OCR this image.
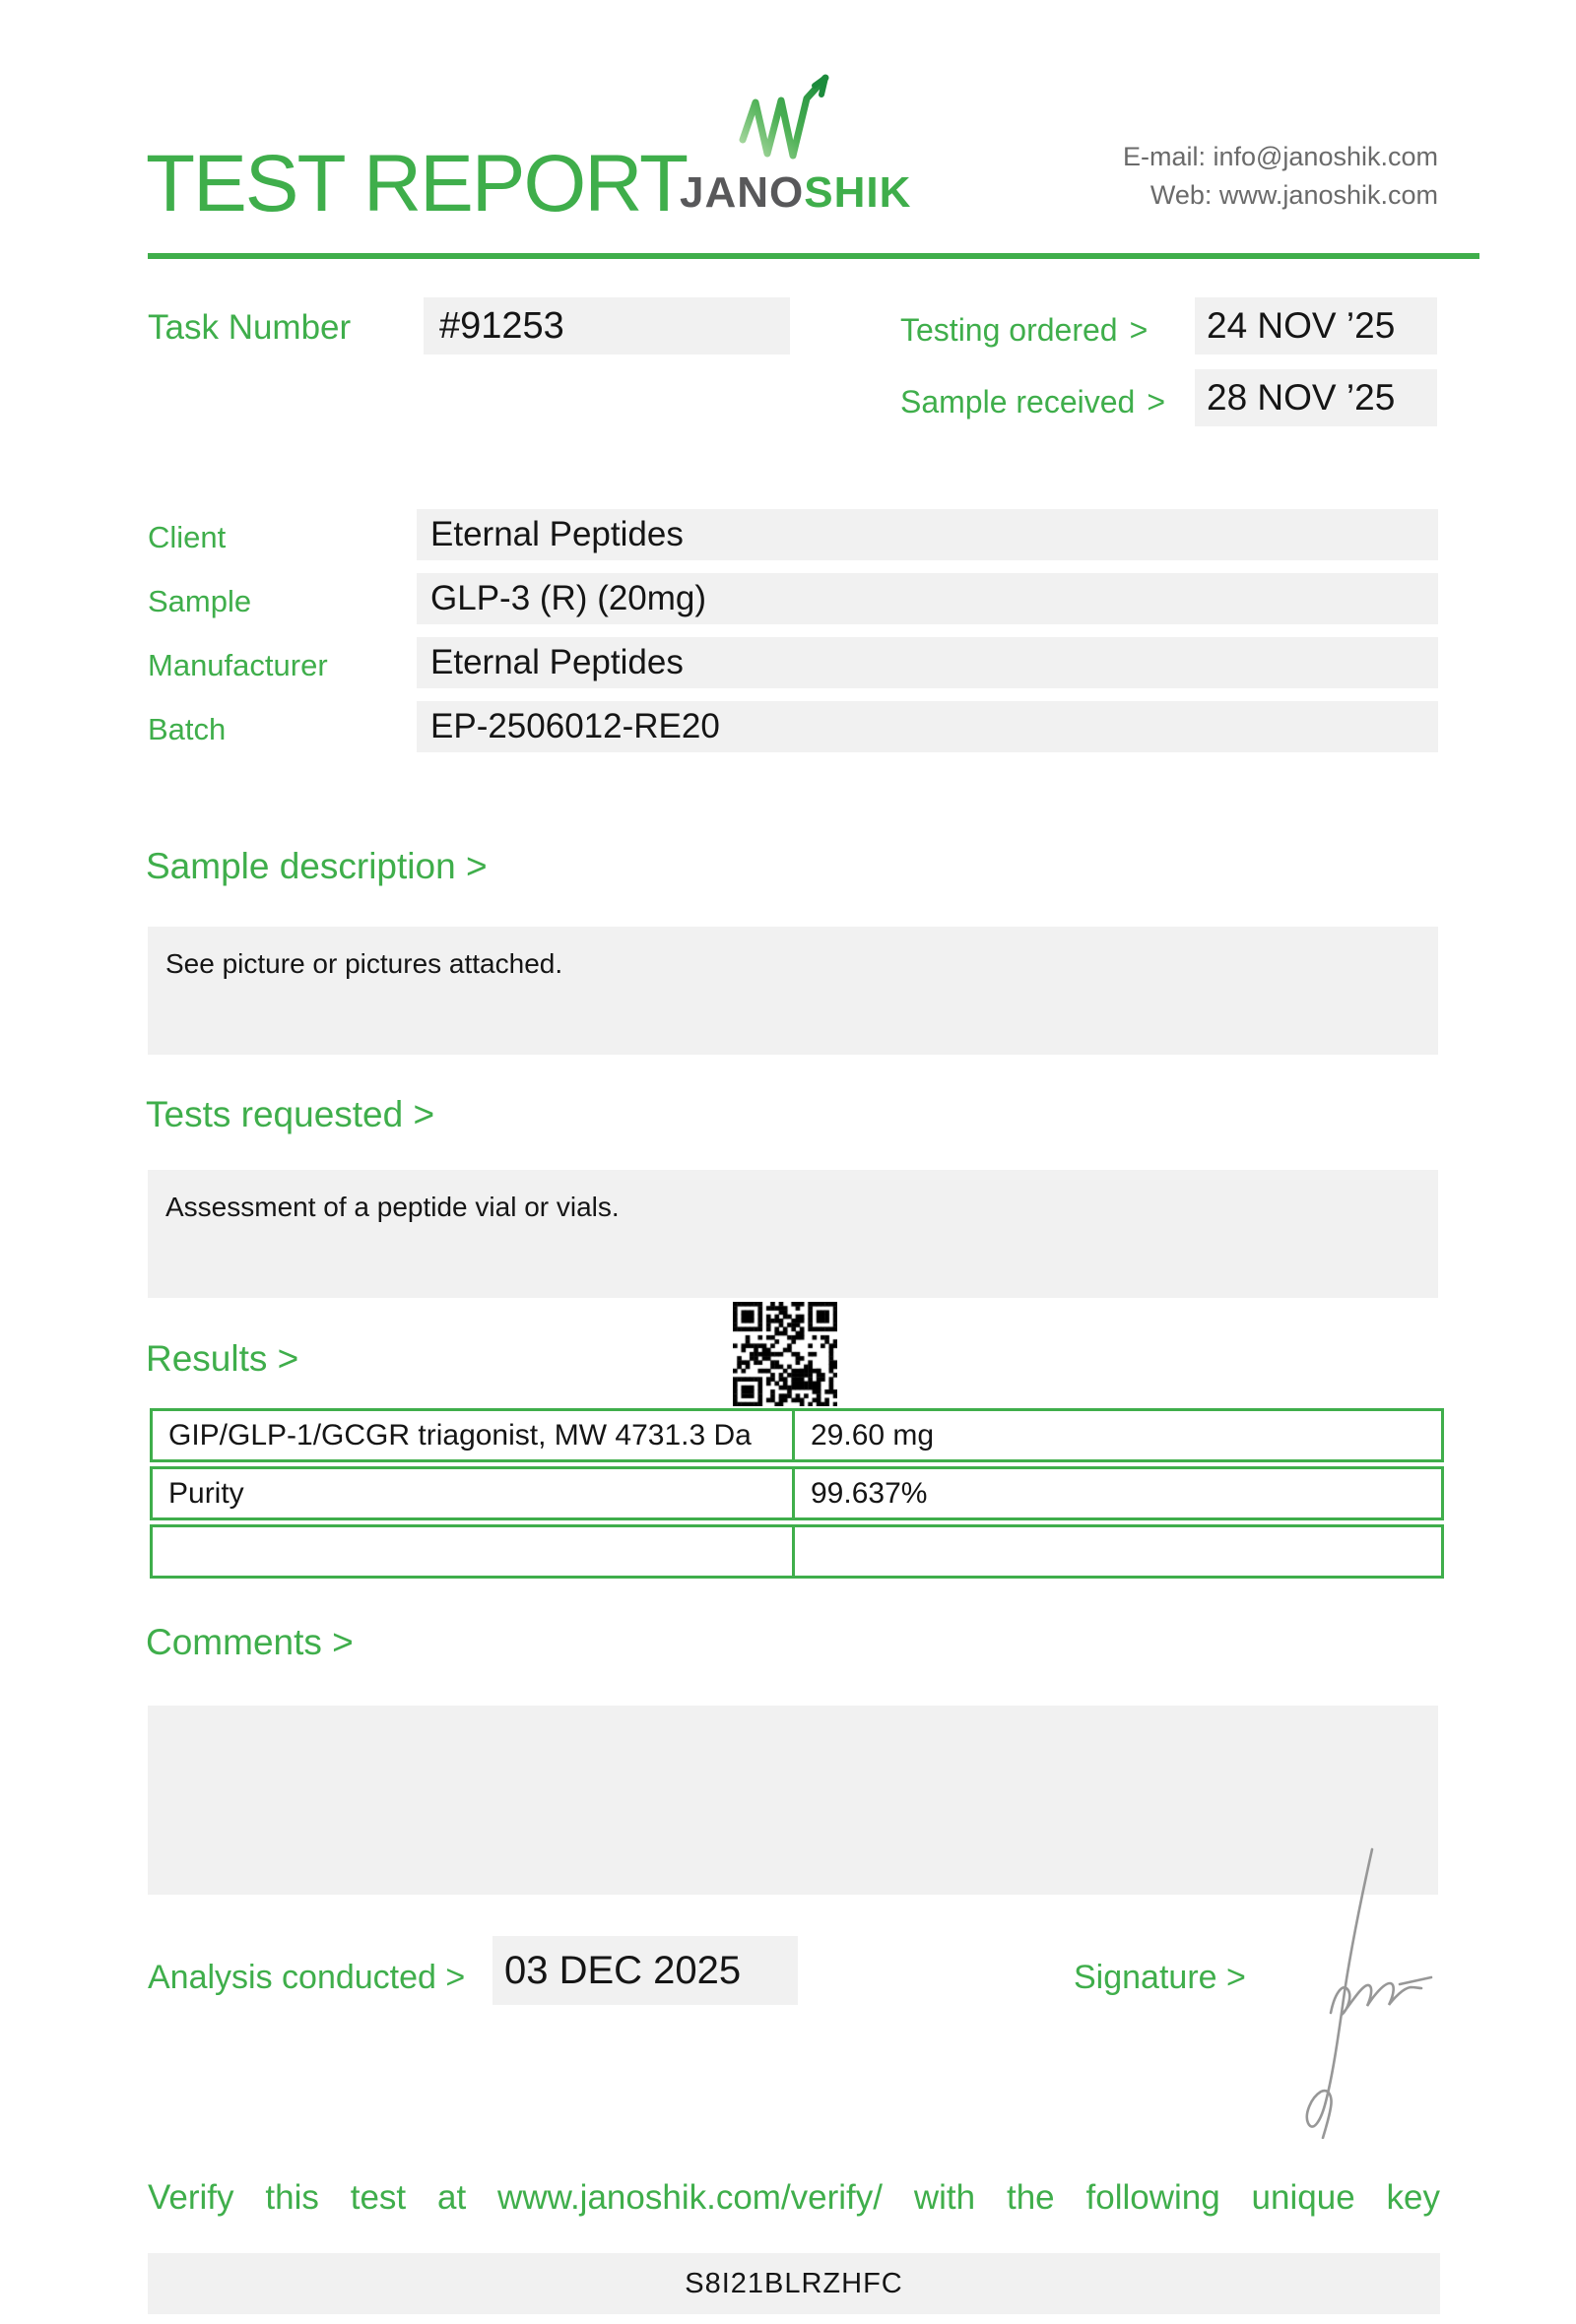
TEST REPORT
JANOSHIK
E-mail: info@janoshik.com
Web: www.janoshik.com
Task Number	#91253	Testing ordered >	24 NOV ’25
Sample received >	28 NOV ’25
Client	Eternal Peptides
Sample	GLP-3 (R) (20mg)
Manufacturer	Eternal Peptides
Batch	EP-2506012-RE20
Sample description >
See picture or pictures attached.
Tests requested >
Assessment of a peptide vial or vials.
Results >
GIP/GLP-1/GCGR triagonist, MW 4731.3 Da	29.60 mg
Purity	99.637%
Comments >
Analysis conducted > 03 DEC 2025	Signature >
Verify this test at www.janoshik.com/verify/ with the following unique key
S8I21BLRZHFC
